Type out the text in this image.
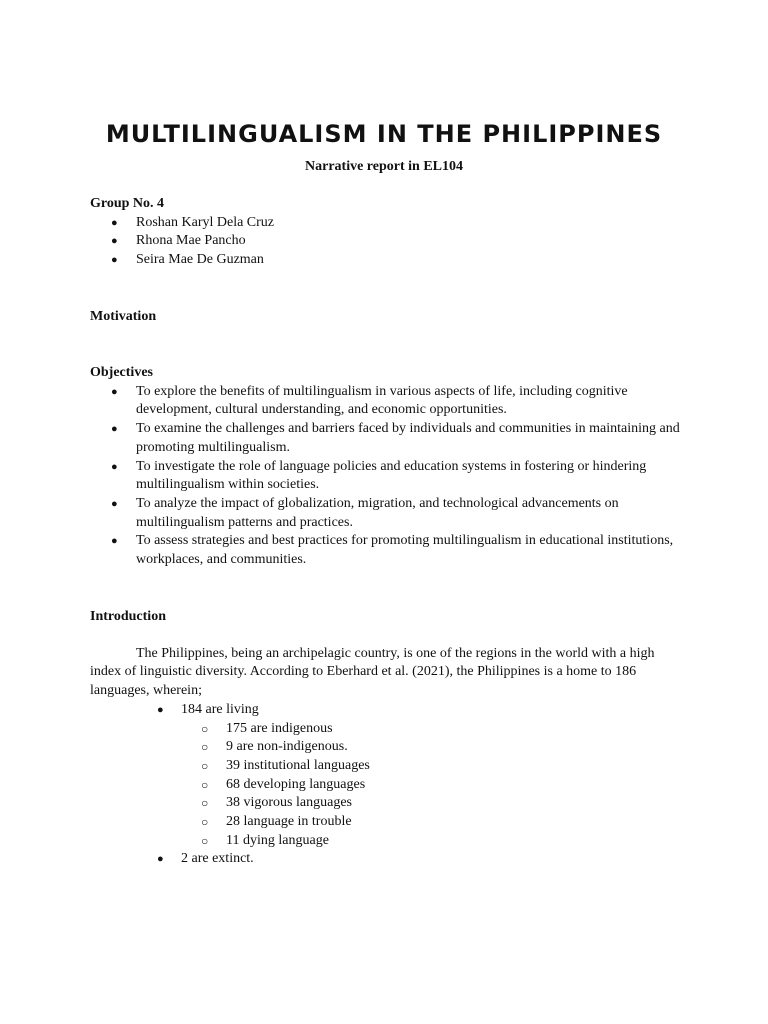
MULTILINGUALISM IN THE PHILIPPINES
Narrative report in EL104
Group No. 4
● Roshan Karyl Dela Cruz
● Rhona Mae Pancho
● Seira Mae De Guzman
Motivation
Objectives
● To explore the benefits of multilingualism in various aspects of life, including cognitive development, cultural understanding, and economic opportunities.
● To examine the challenges and barriers faced by individuals and communities in maintaining and promoting multilingualism.
● To investigate the role of language policies and education systems in fostering or hindering multilingualism within societies.
● To analyze the impact of globalization, migration, and technological advancements on multilingualism patterns and practices.
● To assess strategies and best practices for promoting multilingualism in educational institutions, workplaces, and communities.
Introduction

The Philippines, being an archipelagic country, is one of the regions in the world with a high index of linguistic diversity. According to Eberhard et al. (2021), the Philippines is a home to 186 languages, wherein;

● 184 are living
○ 175 are indigenous
○ 9 are non-indigenous.
○ 39 institutional languages
○ 68 developing languages
○ 38 vigorous languages
○ 28 language in trouble
○ 11 dying language
● 2 are extinct.
